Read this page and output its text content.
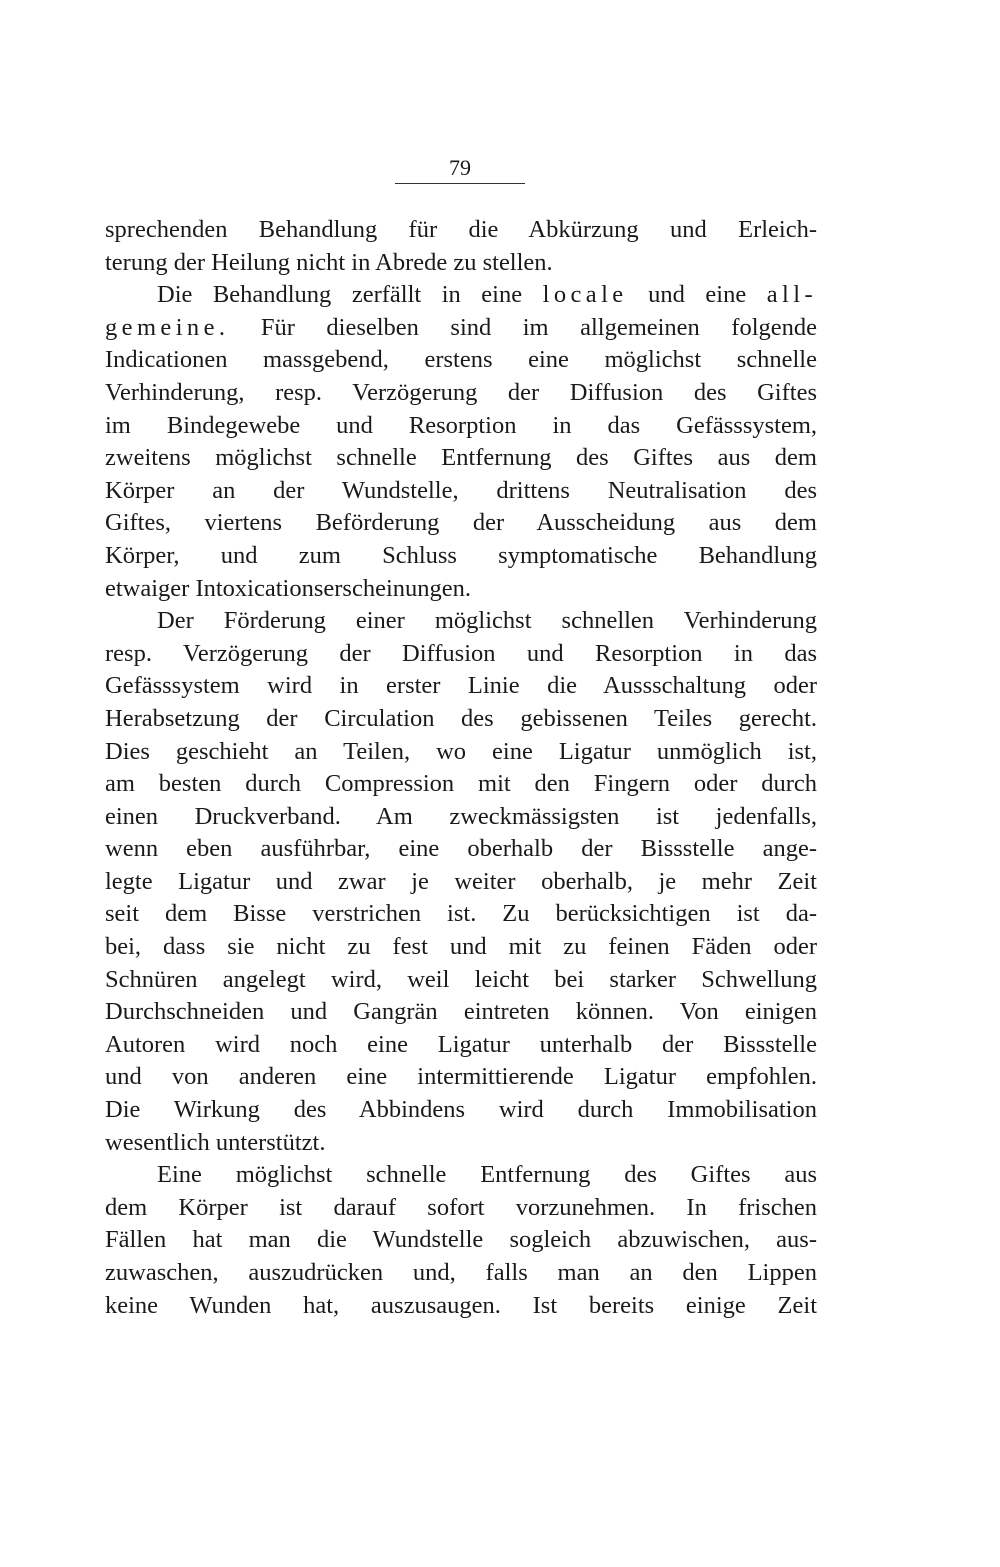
79
sprechenden Behandlung für die Abkürzung und Erleich-
terung der Heilung nicht in Abrede zu stellen.
Die Behandlung zerfällt in eine locale und eine all-
gemeine. Für dieselben sind im allgemeinen folgende
Indicationen massgebend, erstens eine möglichst schnelle
Verhinderung, resp. Verzögerung der Diffusion des Giftes
im Bindegewebe und Resorption in das Gefässsystem,
zweitens möglichst schnelle Entfernung des Giftes aus dem
Körper an der Wundstelle, drittens Neutralisation des
Giftes, viertens Beförderung der Ausscheidung aus dem
Körper, und zum Schluss symptomatische Behandlung
etwaiger Intoxicationserscheinungen.
Der Förderung einer möglichst schnellen Verhinderung
resp. Verzögerung der Diffusion und Resorption in das
Gefässsystem wird in erster Linie die Aussschaltung oder
Herabsetzung der Circulation des gebissenen Teiles gerecht.
Dies geschieht an Teilen, wo eine Ligatur unmöglich ist,
am besten durch Compression mit den Fingern oder durch
einen Druckverband. Am zweckmässigsten ist jedenfalls,
wenn eben ausführbar, eine oberhalb der Bissstelle ange-
legte Ligatur und zwar je weiter oberhalb, je mehr Zeit
seit dem Bisse verstrichen ist. Zu berücksichtigen ist da-
bei, dass sie nicht zu fest und mit zu feinen Fäden oder
Schnüren angelegt wird, weil leicht bei starker Schwellung
Durchschneiden und Gangrän eintreten können. Von einigen
Autoren wird noch eine Ligatur unterhalb der Bissstelle
und von anderen eine intermittierende Ligatur empfohlen.
Die Wirkung des Abbindens wird durch Immobilisation
wesentlich unterstützt.
Eine möglichst schnelle Entfernung des Giftes aus
dem Körper ist darauf sofort vorzunehmen. In frischen
Fällen hat man die Wundstelle sogleich abzuwischen, aus-
zuwaschen, auszudrücken und, falls man an den Lippen
keine Wunden hat, auszusaugen. Ist bereits einige Zeit
